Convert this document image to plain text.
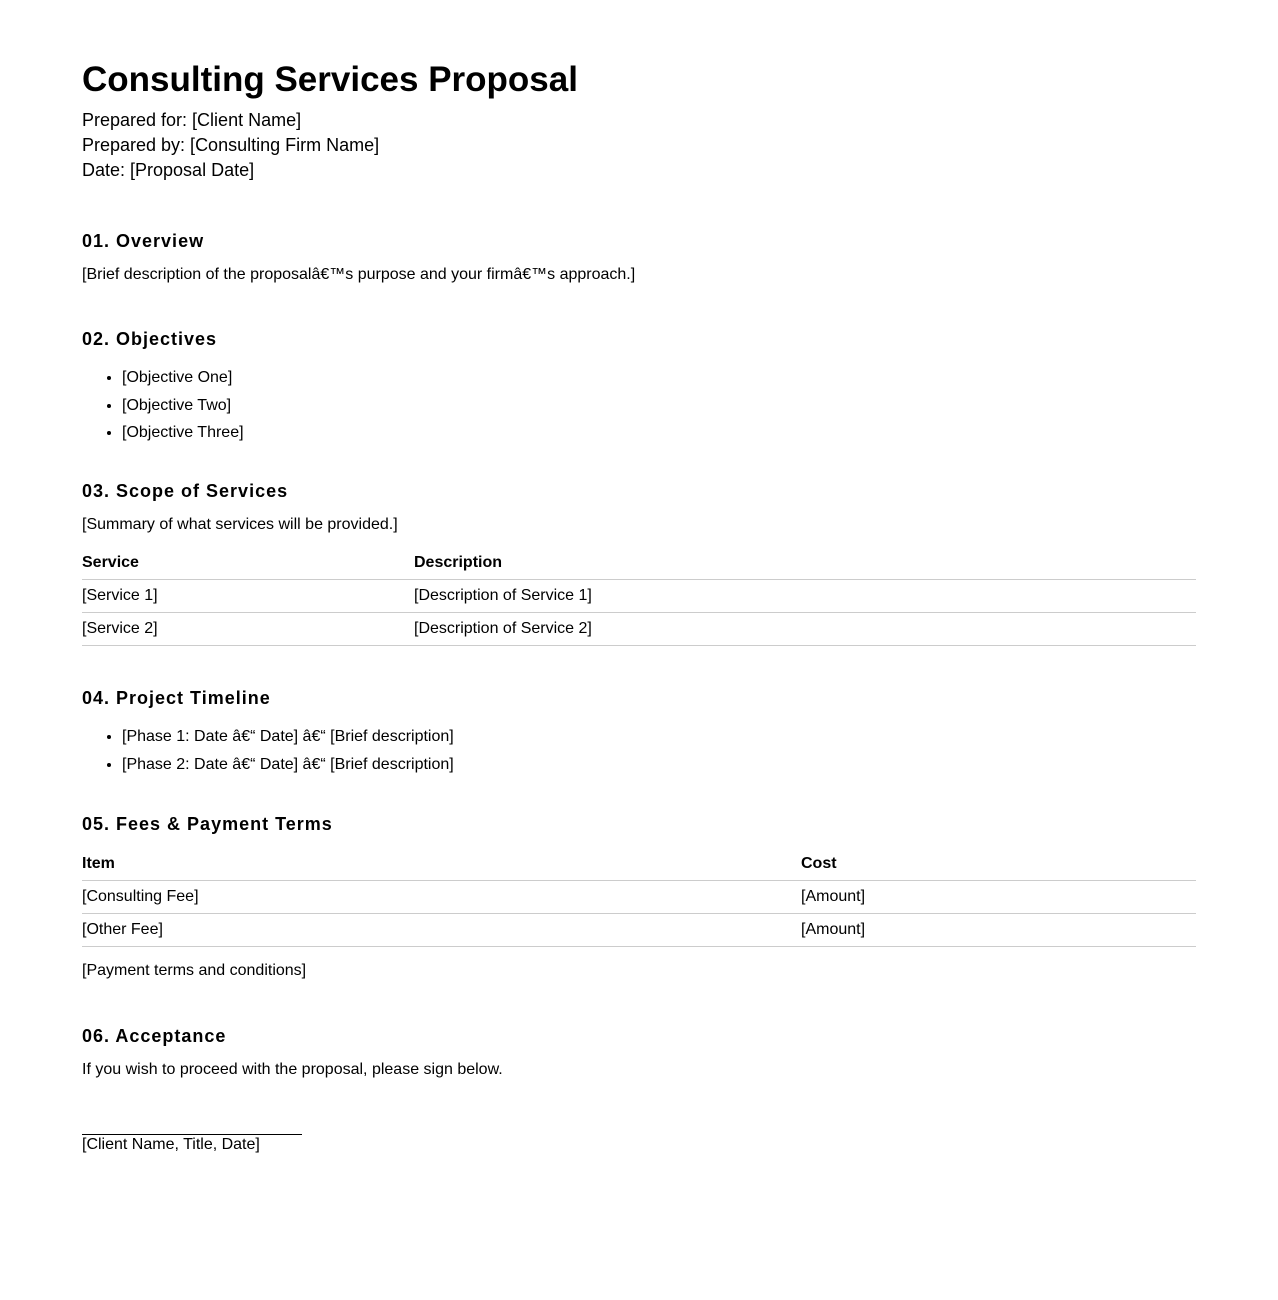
Consulting Services Proposal
Prepared for: [Client Name]
Prepared by: [Consulting Firm Name]
Date: [Proposal Date]
01. Overview

[Brief description of the proposalâ€™s purpose and your firmâ€™s approach.]

02. Objectives
• [Objective One]
• [Objective Two]
• [Objective Three]
03. Scope of Services

[Summary of what services will be provided.]

Service	Description
[Service 1]	[Description of Service 1]
[Service 2]	[Description of Service 2]
04. Project Timeline
• [Phase 1: Date â€“ Date] â€“ [Brief description]
• [Phase 2: Date â€“ Date] â€“ [Brief description]
05. Fees & Payment Terms
Item	Cost
[Consulting Fee]	[Amount]
[Other Fee]	[Amount]

[Payment terms and conditions]

06. Acceptance

If you wish to proceed with the proposal, please sign below.

[Client Name, Title, Date]
